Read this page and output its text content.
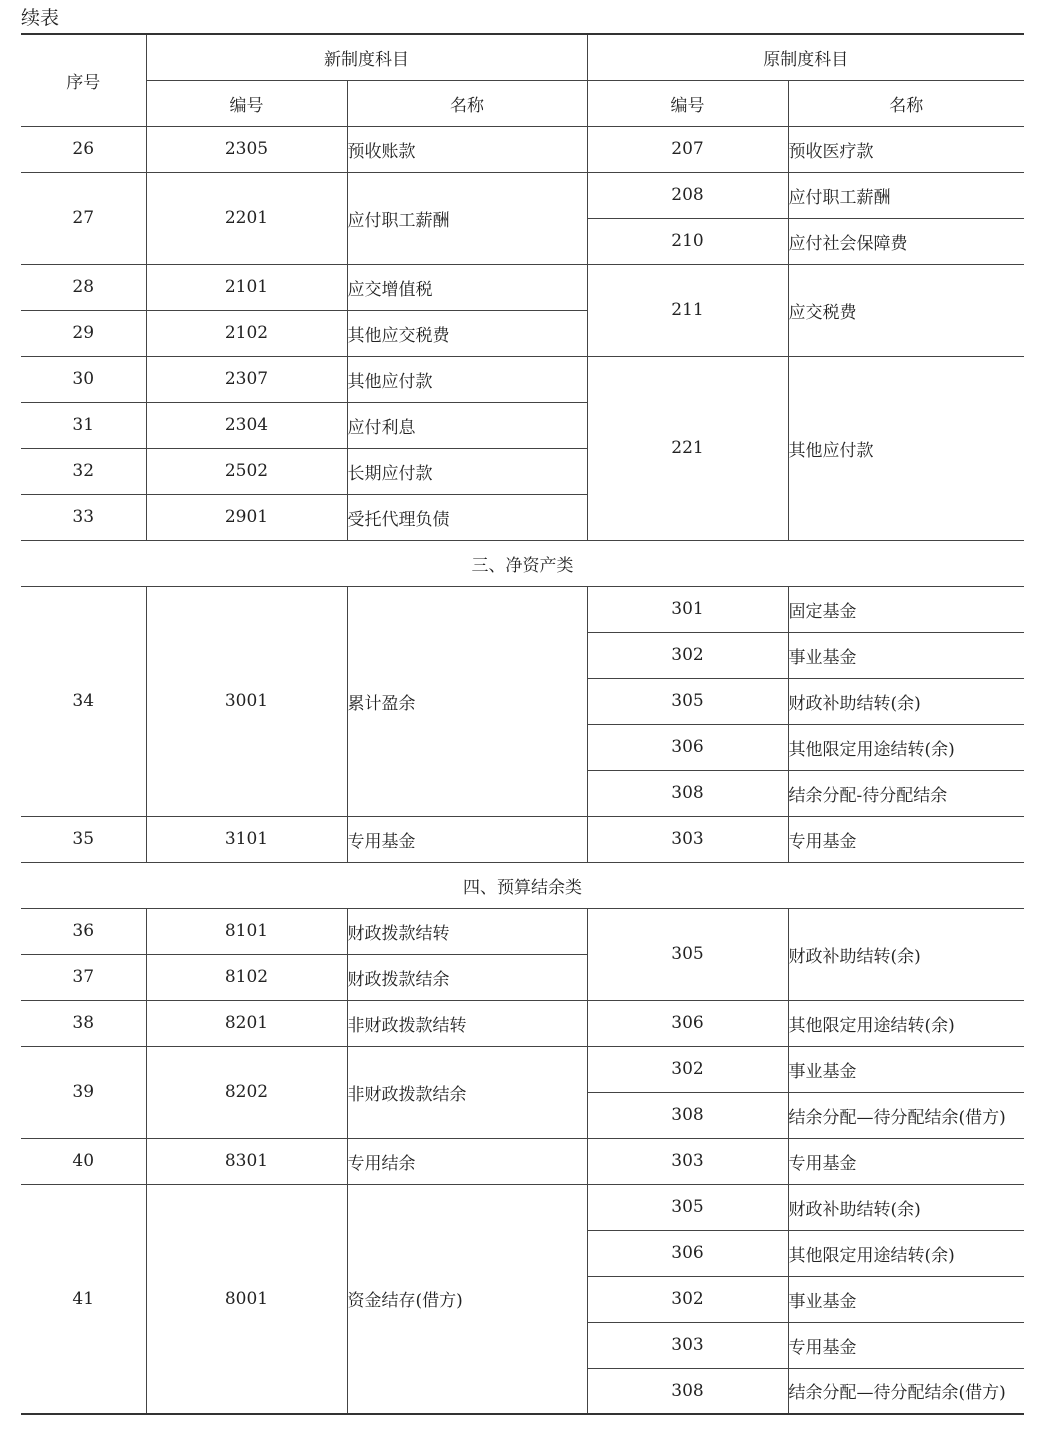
续表
序号	新制度科目		原制度科目	
	编号	名称	编号	名称
26	2305	预收账款	207	预收医疗款
27	2201	应付职工薪酬	208	应付职工薪酬
			210	应付社会保障费
28	2101	应交增值税	211	应交税费
29	2102	其他应交税费		
30	2307	其他应付款	221	其他应付款
31	2304	应付利息		
32	2502	长期应付款		
33	2901	受托代理负债		
三、净资产类				
34	3001	累计盈余	301	固定基金
			302	事业基金
			305	财政补助结转(余)
			306	其他限定用途结转(余)
			308	结余分配-待分配结余
35	3101	专用基金	303	专用基金
四、预算结余类				
36	8101	财政拨款结转	305	财政补助结转(余)
37	8102	财政拨款结余		
38	8201	非财政拨款结转	306	其他限定用途结转(余)
39	8202	非财政拨款结余	302	事业基金
			308	结余分配—待分配结余(借方)
40	8301	专用结余	303	专用基金
41	8001	资金结存(借方)	305	财政补助结转(余)
			306	其他限定用途结转(余)
			302	事业基金
			303	专用基金
			308	结余分配—待分配结余(借方)
